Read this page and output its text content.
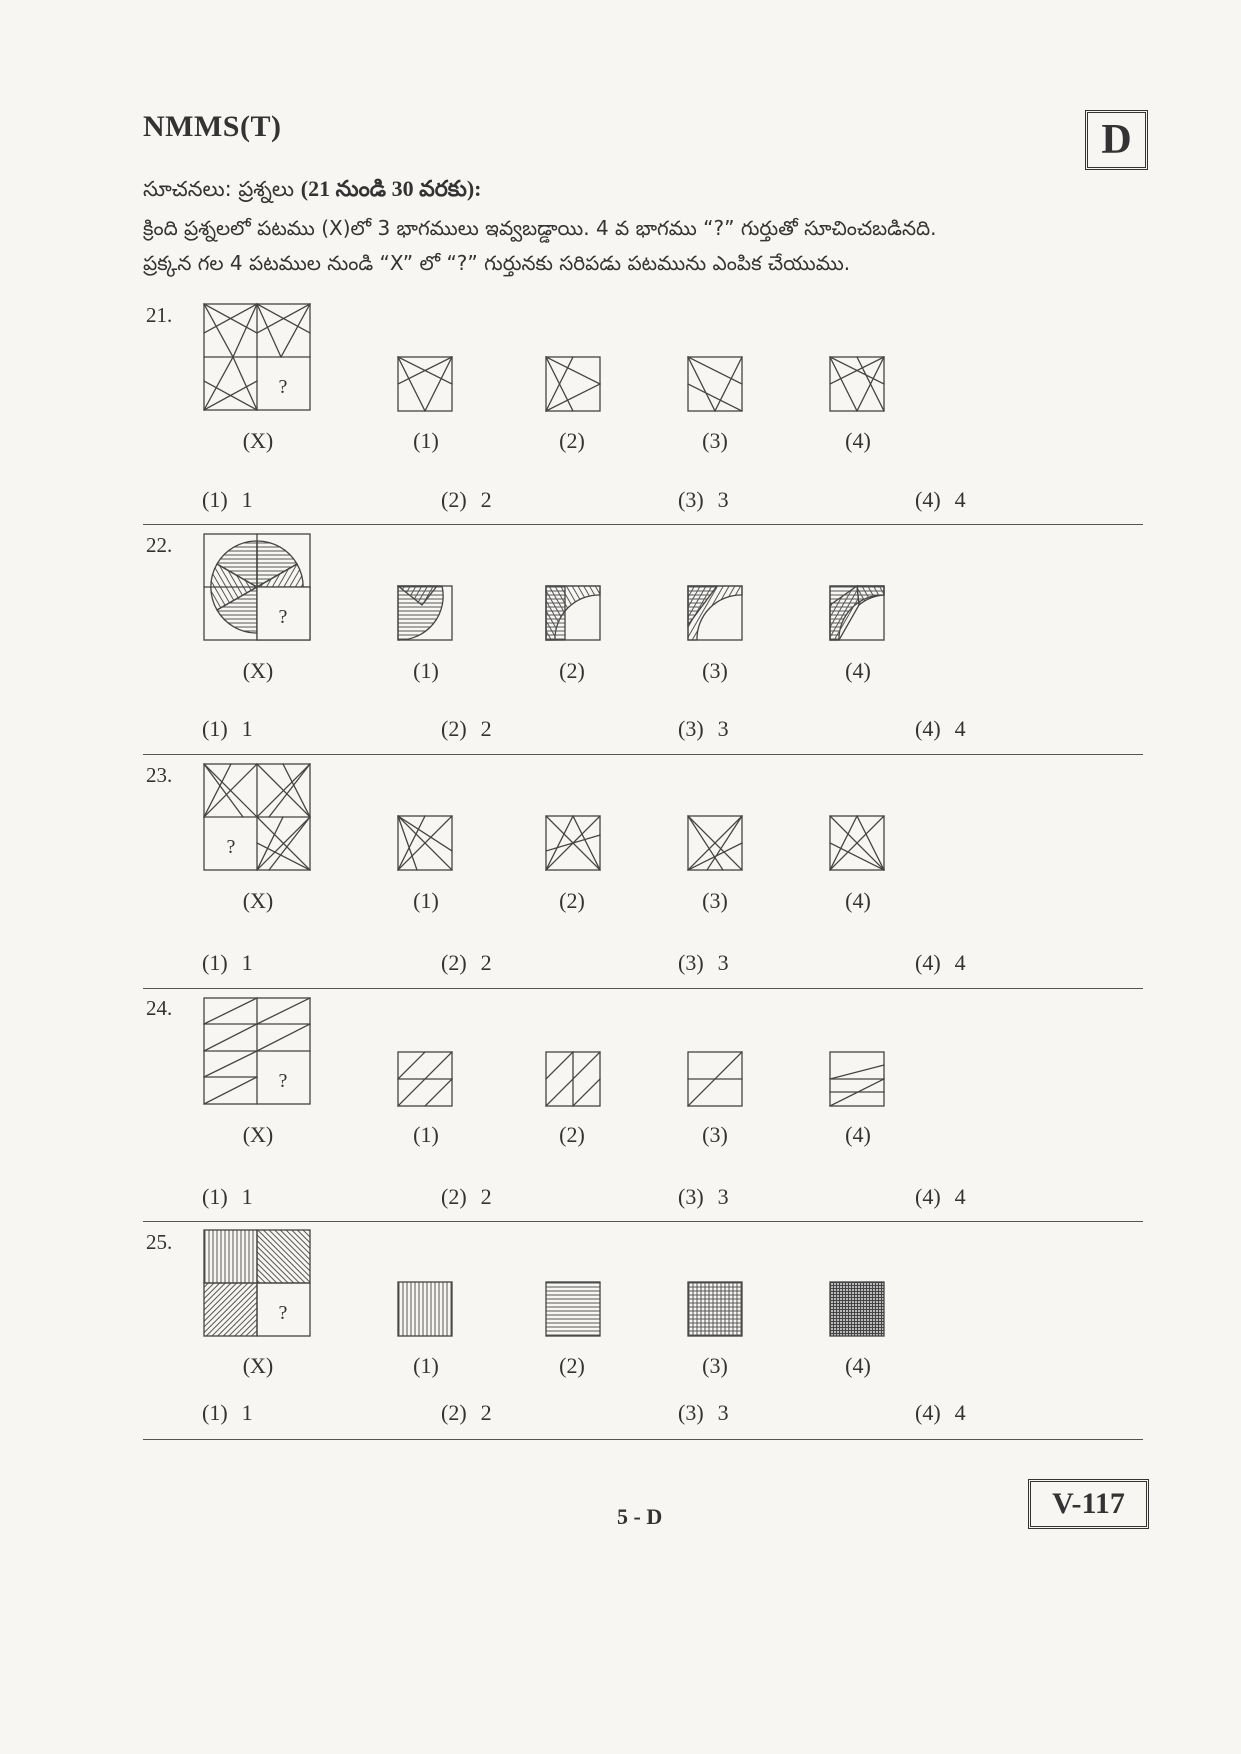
NMMS(T)	D
సూచనలు: ప్రశ్నలు (21 నుండి 30 వరకు):
క్రింది ప్రశ్నలలో పటము (X)లో 3 భాగములు ఇవ్వబడ్డాయి. 4 వ భాగము “?” గుర్తుతో సూచించబడినది.
ప్రక్కన గల 4 పటముల నుండి “X” లో “?” గుర్తునకు సరిపడు పటమును ఎంపిక చేయుము.
21.
?
(X)	(1)	(2)	(3)	(4)
(1) 1	(2) 2	(3) 3	(4) 4
22.
?
(X)	(1)	(2)	(3)	(4)
(1) 1	(2) 2	(3) 3	(4) 4
23.
?
(X)	(1)	(2)	(3)	(4)
(1) 1	(2) 2	(3) 3	(4) 4
24.
?
(X)	(1)	(2)	(3)	(4)
(1) 1	(2) 2	(3) 3	(4) 4
25.
?
(X)	(1)	(2)	(3)	(4)
(1) 1	(2) 2	(3) 3	(4) 4
5 - D	V-117
